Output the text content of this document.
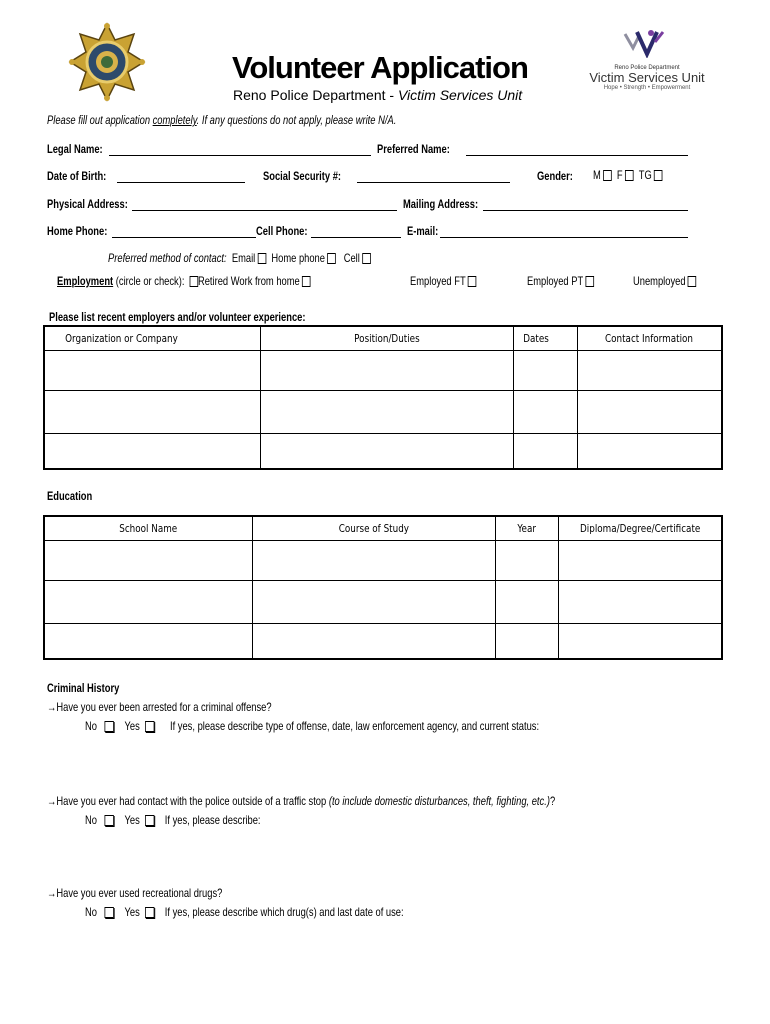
Volunteer Application
Reno Police Department - Victim Services Unit
Reno Police Department
Victim Services Unit
Hope • Strength • Empowerment
Please fill out application completely. If any questions do not apply, please write N/A.
Legal Name:	Preferred Name:
Date of Birth:	Social Security #:	Gender:	M F TG
Physical Address:	Mailing Address:
Home Phone:	Cell Phone:	E-mail:
Preferred method of contact: Email Home phone Cell
Employment (circle or check): Retired Work from home	Employed FT	Employed PT	Unemployed
Please list recent employers and/or volunteer experience:
Organization or Company	Position/Duties	Dates	Contact Information

Education
School Name	Course of Study	Year	Diploma/Degree/Certificate

Criminal History
→Have you ever been arrested for a criminal offense?
No Yes	If yes, please describe type of offense, date, law enforcement agency, and current status:
→Have you ever had contact with the police outside of a traffic stop (to include domestic disturbances, theft, fighting, etc.)?
No Yes If yes, please describe:
→Have you ever used recreational drugs?
No Yes If yes, please describe which drug(s) and last date of use:
